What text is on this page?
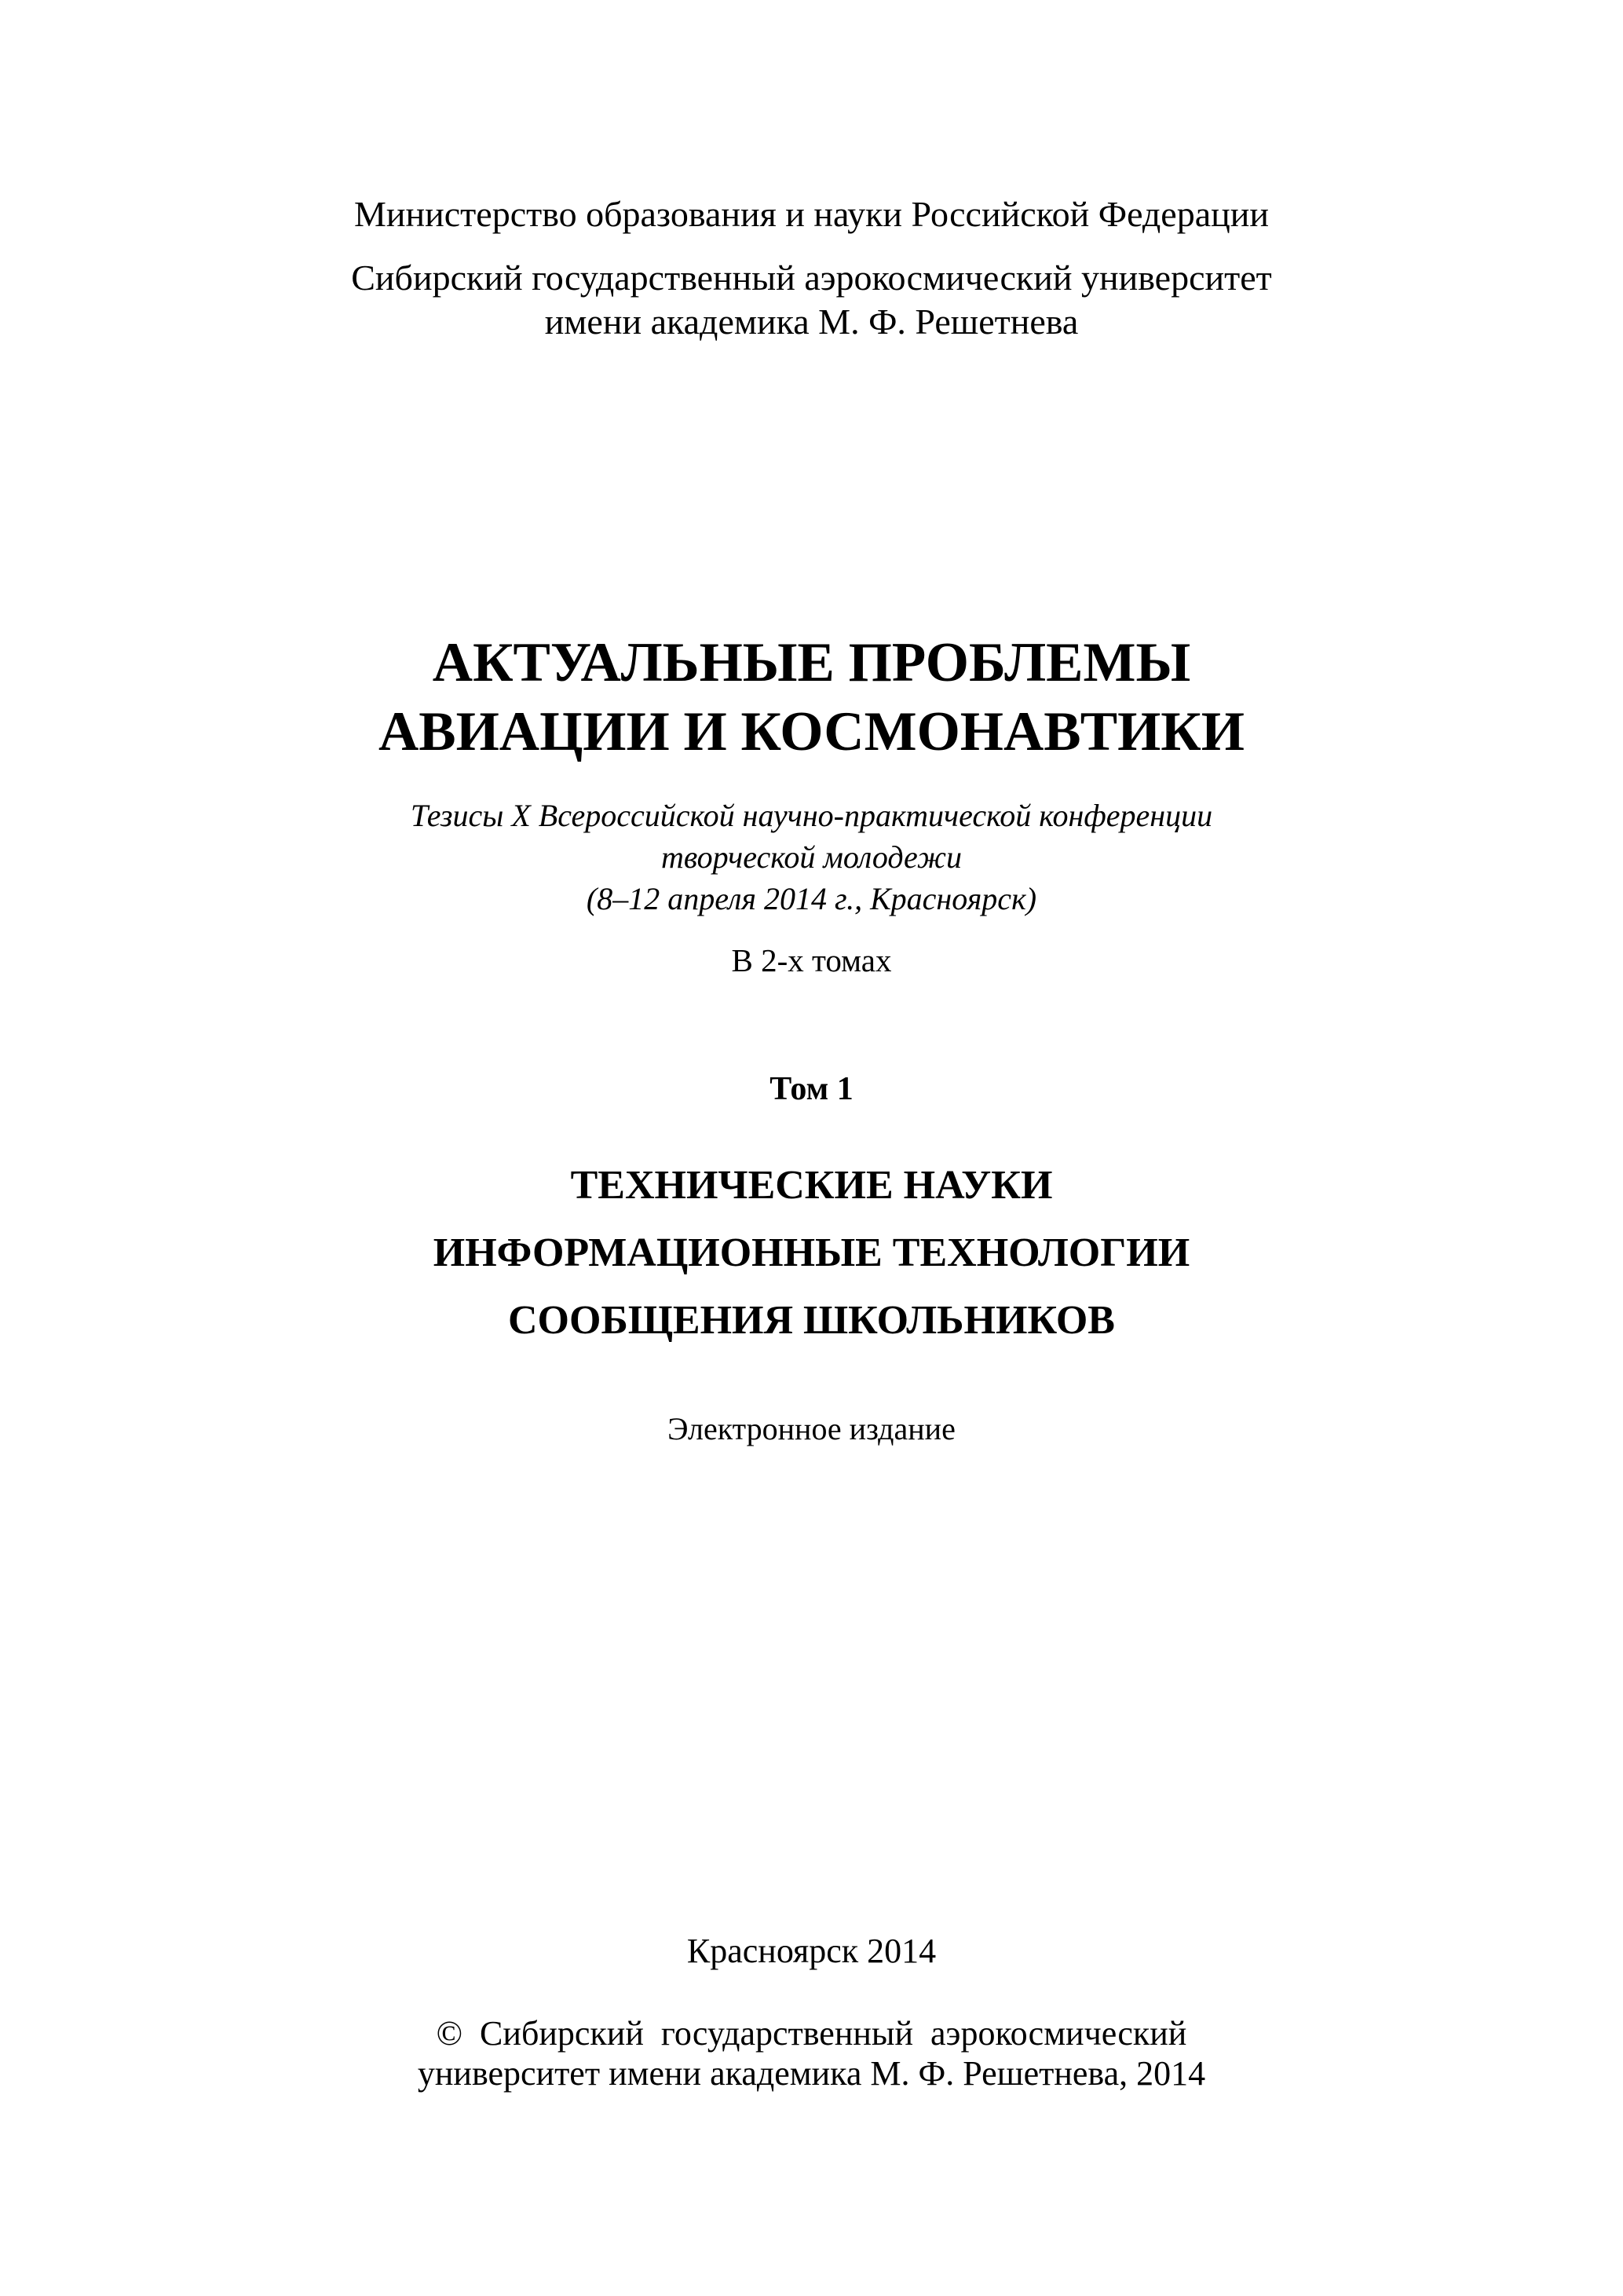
Министерство образования и науки Российской Федерации
Сибирский государственный аэрокосмический университет
имени академика М. Ф. Решетнева
АКТУАЛЬНЫЕ ПРОБЛЕМЫ
АВИАЦИИ И КОСМОНАВТИКИ
Тезисы X Всероссийской научно-практической конференции
творческой молодежи
(8–12 апреля 2014 г., Красноярск)
В 2-х томах
Том 1
ТЕХНИЧЕСКИЕ НАУКИ
ИНФОРМАЦИОННЫЕ ТЕХНОЛОГИИ
СООБЩЕНИЯ ШКОЛЬНИКОВ
Электронное издание
Красноярск 2014
©  Сибирский  государственный  аэрокосмический
университет имени академика М. Ф. Решетнева, 2014
